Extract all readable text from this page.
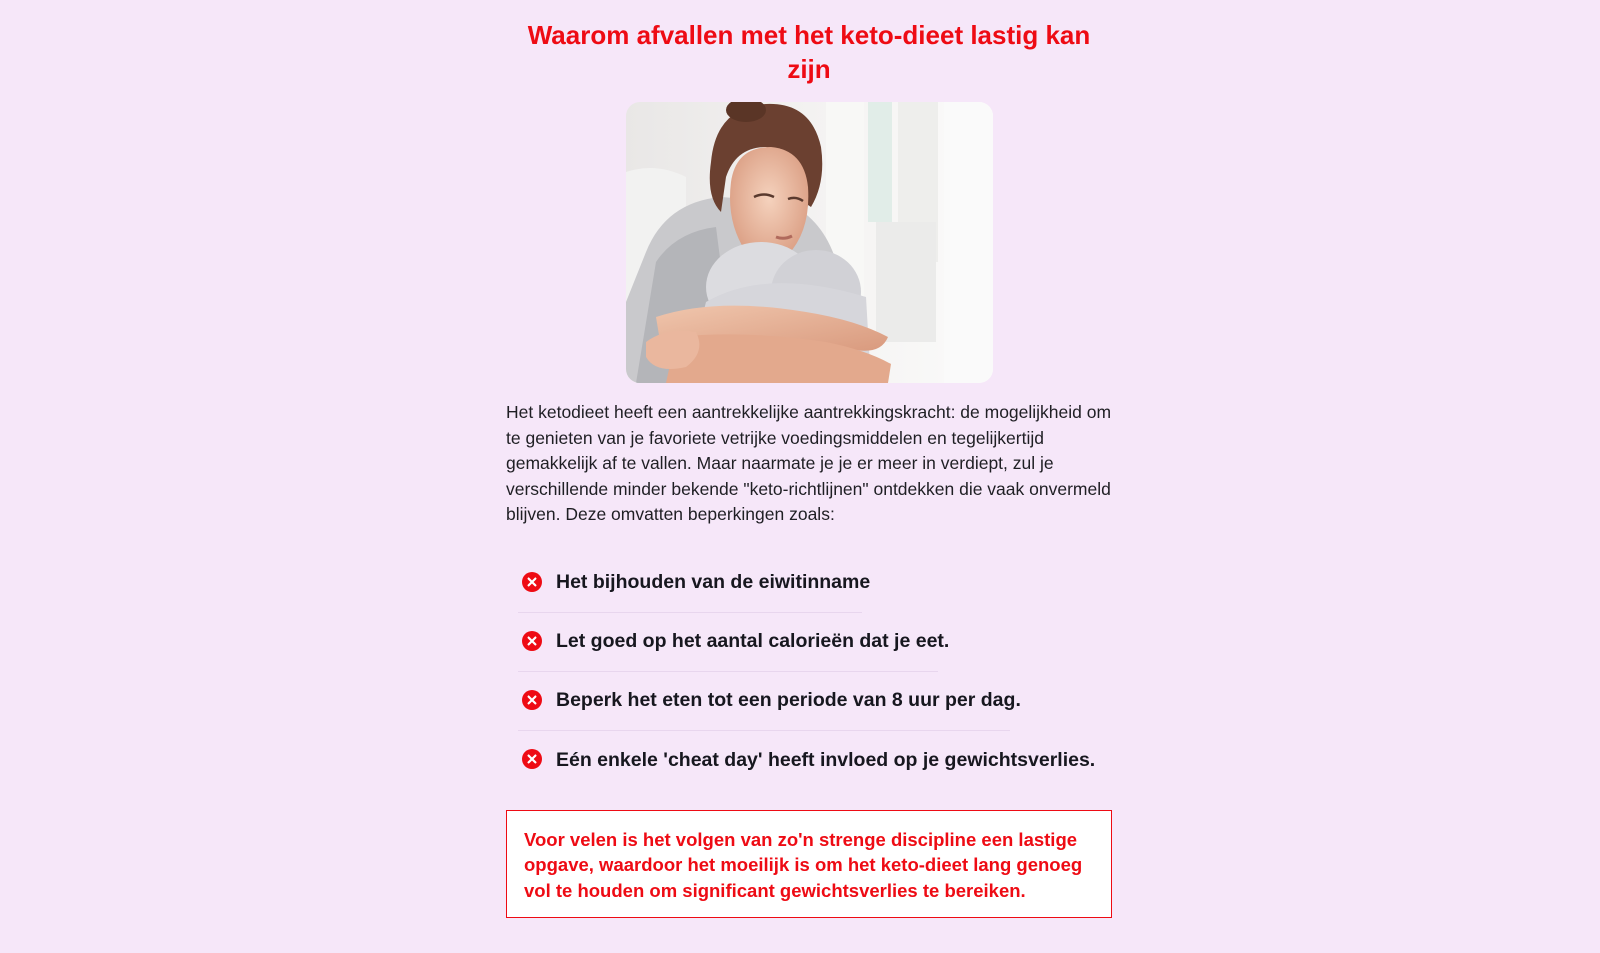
Waarom afvallen met het keto-dieet lastig kan zijn

Het ketodieet heeft een aantrekkelijke aantrekkingskracht: de mogelijkheid om te genieten van je favoriete vetrijke voedingsmiddelen en tegelijkertijd gemakkelijk af te vallen. Maar naarmate je je er meer in verdiept, zul je verschillende minder bekende "keto-richtlijnen" ontdekken die vaak onvermeld blijven. Deze omvatten beperkingen zoals:

Het bijhouden van de eiwitinname
Let goed op het aantal calorieën dat je eet.
Beperk het eten tot een periode van 8 uur per dag.
Eén enkele 'cheat day' heeft invloed op je gewichtsverlies.
Voor velen is het volgen van zo'n strenge discipline een lastige opgave, waardoor het moeilijk is om het keto-dieet lang genoeg vol te houden om significant gewichtsverlies te bereiken.
